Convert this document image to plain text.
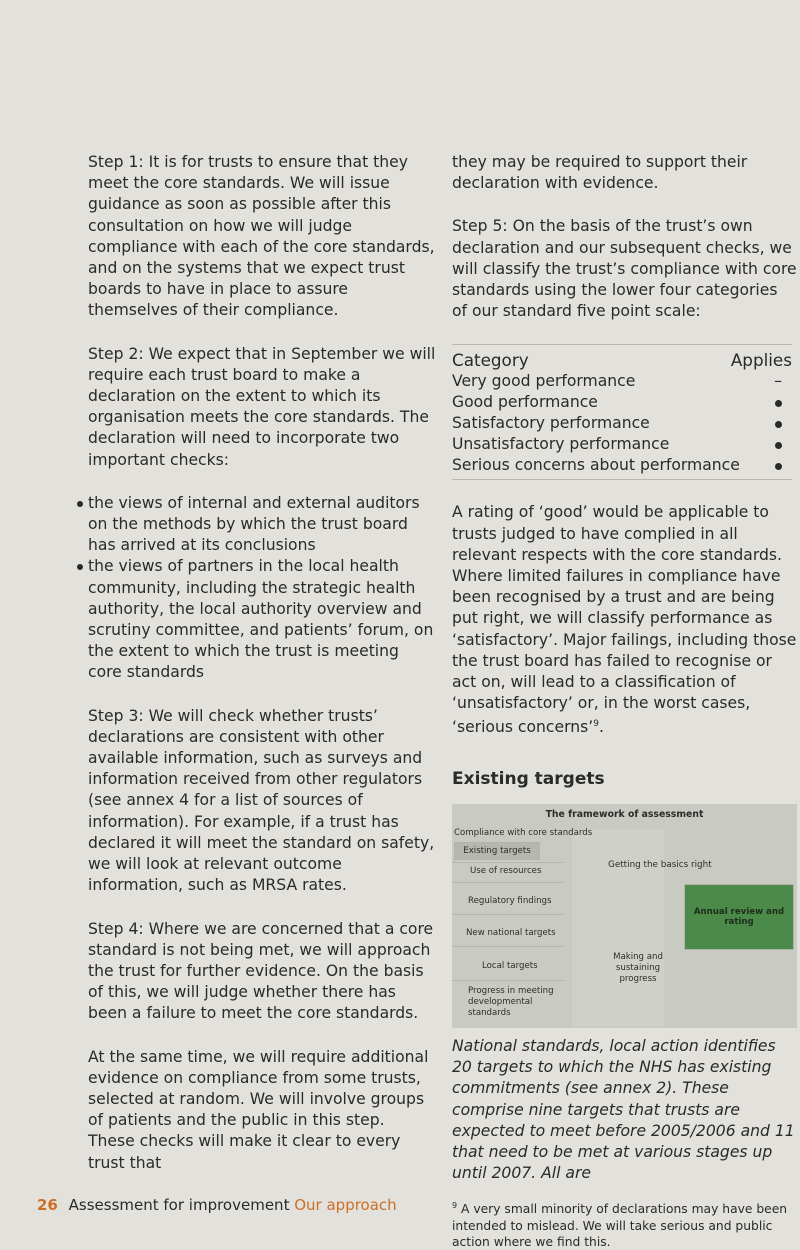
Step 1: It is for trusts to ensure that they meet the core standards. We will issue guidance as soon as possible after this consultation on how we will judge compliance with each of the core standards, and on the systems that we expect trust boards to have in place to assure themselves of their compliance.

Step 2: We expect that in September we will require each trust board to make a declaration on the extent to which its organisation meets the core standards. The declaration will need to incorporate two important checks:

the views of internal and external auditors on the methods by which the trust board has arrived at its conclusions
the views of partners in the local health community, including the strategic health authority, the local authority overview and scrutiny committee, and patients’ forum, on the extent to which the trust is meeting core standards

Step 3: We will check whether trusts’ declarations are consistent with other available information, such as surveys and information received from other regulators (see annex 4 for a list of sources of information). For example, if a trust has declared it will meet the standard on safety, we will look at relevant outcome information, such as MRSA rates.

Step 4: Where we are concerned that a core standard is not being met, we will approach the trust for further evidence. On the basis of this, we will judge whether there has been a failure to meet the core standards.

At the same time, we will require additional evidence on compliance from some trusts, selected at random. We will involve groups of patients and the public in this step. These checks will make it clear to every trust that

they may be required to support their declaration with evidence.

Step 5: On the basis of the trust’s own declaration and our subsequent checks, we will classify the trust’s compliance with core standards using the lower four categories of our standard five point scale:

Category	Applies
Very good performance	–
Good performance
Satisfactory performance
Unsatisfactory performance
Serious concerns about performance

A rating of ‘good’ would be applicable to trusts judged to have complied in all relevant respects with the core standards. Where limited failures in compliance have been recognised by a trust and are being put right, we will classify performance as ‘satisfactory’. Major failings, including those the trust board has failed to recognise or act on, will lead to a classification of ‘unsatisfactory’ or, in the worst cases, ‘serious concerns’$^9$.

Existing targets

The framework of assessment
Compliance with core standards
Existing targets
Use of resources
Regulatory findings
New national targets
Local targets
Progress in meeting developmental standards
Getting the basics right
Making and sustaining progress
Annual review and rating

National standards, local action identifies 20 targets to which the NHS has existing commitments (see annex 2). These comprise nine targets that trusts are expected to meet before 2005/2006 and 11 that need to be met at various stages up until 2007. All are

$^9$ A very small minority of declarations may have been intended to mislead. We will take serious and public action where we find this.

26 Assessment for improvement Our approach
